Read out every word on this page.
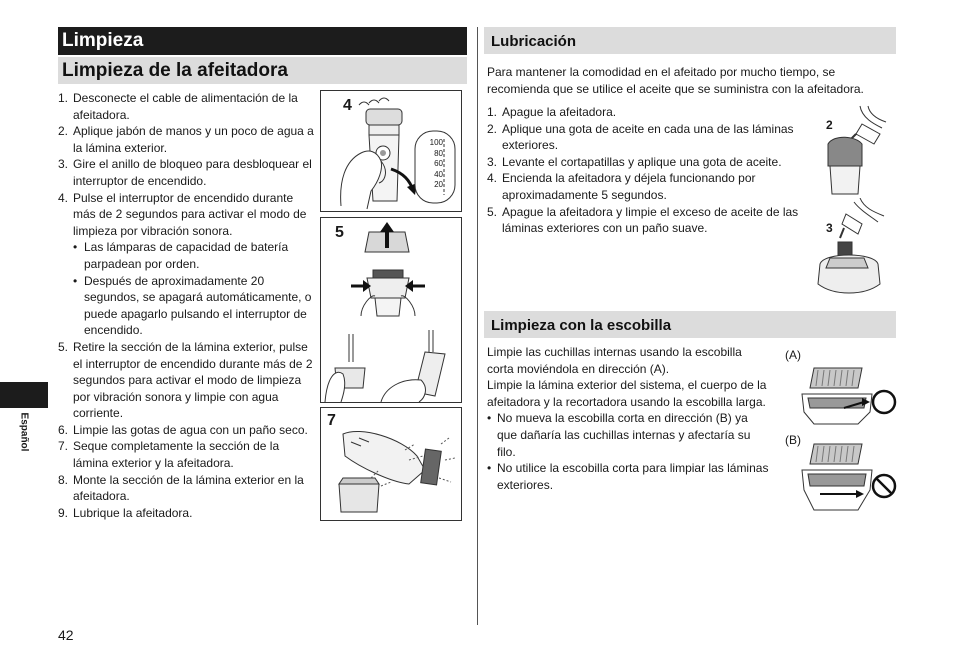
Limpieza
Limpieza de la afeitadora
1. Desconecte el cable de alimentación de la afeitadora.
2. Aplique jabón de manos y un poco de agua a la lámina exterior.
3. Gire el anillo de bloqueo para desbloquear el interruptor de encendido.
4. Pulse el interruptor de encendido durante más de 2 segundos para activar el modo de limpieza por vibración sonora.
• Las lámparas de capacidad de batería parpadean por orden.
• Después de aproximadamente 20 segundos, se apagará automáticamente, o puede apagarlo pulsando el interruptor de encendido.
5. Retire la sección de la lámina exterior, pulse el interruptor de encendido durante más de 2 segundos para activar el modo de limpieza por vibración sonora y limpie con agua corriente.
6. Limpie las gotas de agua con un paño seco.
7. Seque completamente la sección de la lámina exterior y la afeitadora.
8. Monte la sección de la lámina exterior en la afeitadora.
9. Lubrique la afeitadora.
4
100
80
60
40
20
5
7
Lubricación
Para mantener la comodidad en el afeitado por mucho tiempo, se recomienda que se utilice el aceite que se suministra con la afeitadora.
1. Apague la afeitadora.
2. Aplique una gota de aceite en cada una de las láminas exteriores.
3. Levante el cortapatillas y aplique una gota de aceite.
4. Encienda la afeitadora y déjela funcionando por aproximadamente 5 segundos.
5. Apague la afeitadora y limpie el exceso de aceite de las láminas exteriores con un paño suave.
2
3
Limpieza con la escobilla
Limpie las cuchillas internas usando la escobilla corta moviéndola en dirección (A).
Limpie la lámina exterior del sistema, el cuerpo de la afeitadora y la recortadora usando la escobilla larga.
• No mueva la escobilla corta en dirección (B) ya que dañaría las cuchillas internas y afectaría su filo.
• No utilice la escobilla corta para limpiar las láminas exteriores.
(A)
(B)
Español
42
